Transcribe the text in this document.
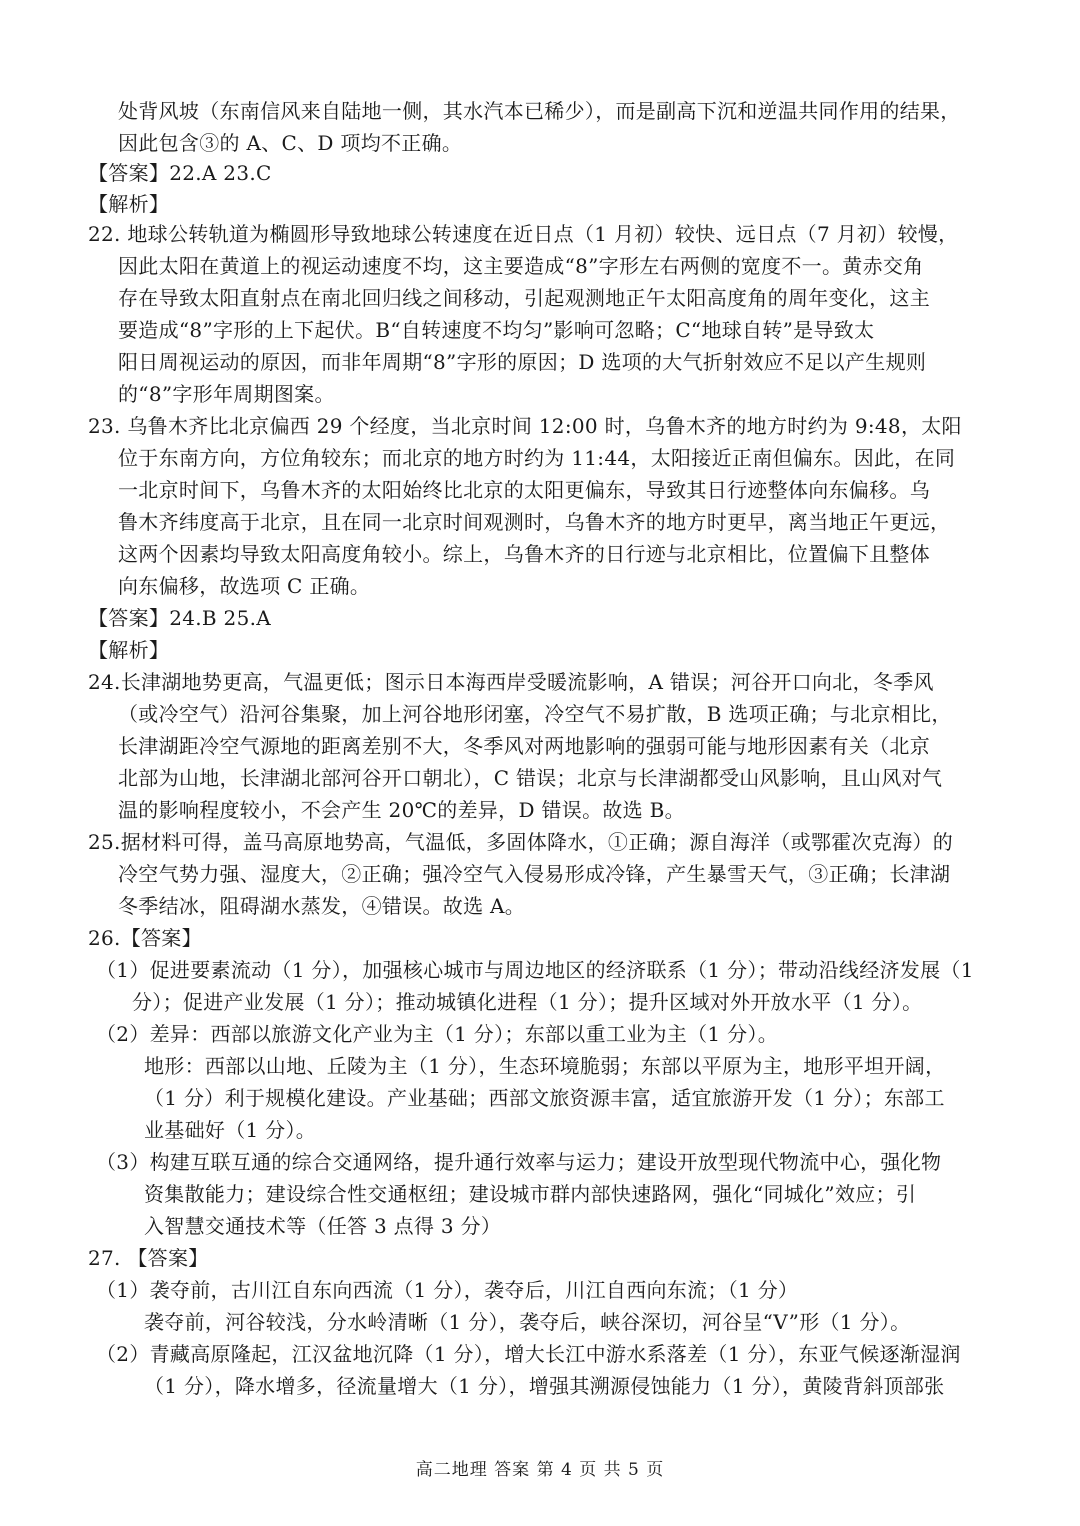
处背风坡（东南信风来自陆地一侧，其水汽本已稀少），而是副高下沉和逆温共同作用的结果，
因此包含③的 A、C、D 项均不正确。
【答案】22.A 23.C
【解析】
22. 地球公转轨道为椭圆形导致地球公转速度在近日点（1 月初）较快、远日点（7 月初）较慢，
因此太阳在黄道上的视运动速度不均，这主要造成“8”字形左右两侧的宽度不一。黄赤交角
存在导致太阳直射点在南北回归线之间移动，引起观测地正午太阳高度角的周年变化，这主
要造成“8”字形的上下起伏。B“自转速度不均匀”影响可忽略；C“地球自转”是导致太
阳日周视运动的原因，而非年周期“8”字形的原因；D 选项的大气折射效应不足以产生规则
的“8”字形年周期图案。
23. 乌鲁木齐比北京偏西 29 个经度，当北京时间 12:00 时，乌鲁木齐的地方时约为 9:48，太阳
位于东南方向，方位角较东；而北京的地方时约为 11:44，太阳接近正南但偏东。因此，在同
一北京时间下，乌鲁木齐的太阳始终比北京的太阳更偏东，导致其日行迹整体向东偏移。乌
鲁木齐纬度高于北京，且在同一北京时间观测时，乌鲁木齐的地方时更早，离当地正午更远，
这两个因素均导致太阳高度角较小。综上，乌鲁木齐的日行迹与北京相比，位置偏下且整体
向东偏移，故选项 C 正确。
【答案】24.B 25.A
【解析】
24.长津湖地势更高，气温更低；图示日本海西岸受暖流影响，A 错误；河谷开口向北，冬季风
（或冷空气）沿河谷集聚，加上河谷地形闭塞，冷空气不易扩散，B 选项正确；与北京相比，
长津湖距冷空气源地的距离差别不大，冬季风对两地影响的强弱可能与地形因素有关（北京
北部为山地，长津湖北部河谷开口朝北），C 错误；北京与长津湖都受山风影响，且山风对气
温的影响程度较小，不会产生 20℃的差异，D 错误。故选 B。
25.据材料可得，盖马高原地势高，气温低，多固体降水，①正确；源自海洋（或鄂霍次克海）的
冷空气势力强、湿度大，②正确；强冷空气入侵易形成冷锋，产生暴雪天气，③正确；长津湖
冬季结冰，阻碍湖水蒸发，④错误。故选 A。
26.【答案】
（1）促进要素流动（1 分），加强核心城市与周边地区的经济联系（1 分）；带动沿线经济发展（1
分）；促进产业发展（1 分）；推动城镇化进程（1 分）；提升区域对外开放水平（1 分）。
（2）差异：西部以旅游文化产业为主（1 分）；东部以重工业为主（1 分）。
地形：西部以山地、丘陵为主（1 分），生态环境脆弱；东部以平原为主，地形平坦开阔，
（1 分）利于规模化建设。产业基础；西部文旅资源丰富，适宜旅游开发（1 分）；东部工
业基础好（1 分）。
（3）构建互联互通的综合交通网络，提升通行效率与运力；建设开放型现代物流中心，强化物
资集散能力；建设综合性交通枢纽；建设城市群内部快速路网，强化“同城化”效应；引
入智慧交通技术等（任答 3 点得 3 分）
27. 【答案】
（1）袭夺前，古川江自东向西流（1 分），袭夺后，川江自西向东流；（1 分）
袭夺前，河谷较浅，分水岭清晰（1 分），袭夺后，峡谷深切，河谷呈“V”形（1 分）。
（2）青藏高原隆起，江汉盆地沉降（1 分），增大长江中游水系落差（1 分），东亚气候逐渐湿润
（1 分），降水增多，径流量增大（1 分），增强其溯源侵蚀能力（1 分），黄陵背斜顶部张
高二地理 答案 第 4 页 共 5 页
